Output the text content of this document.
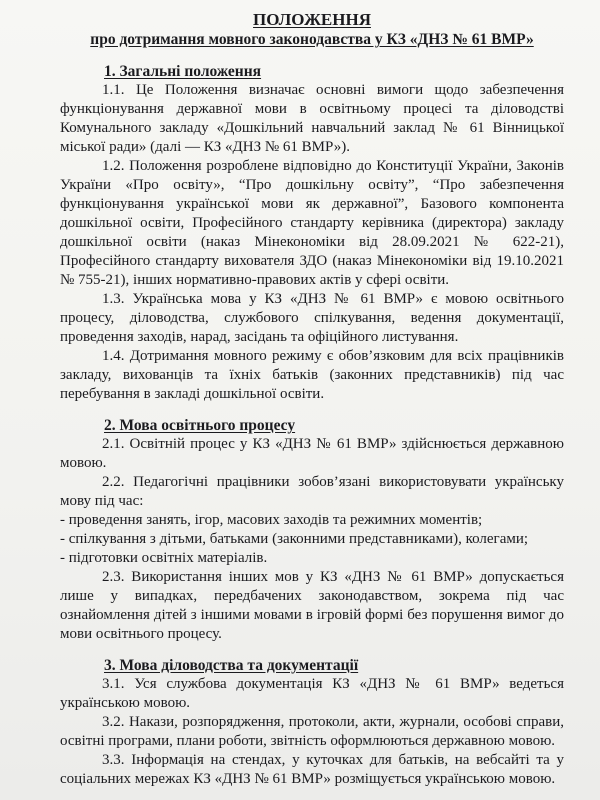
ПОЛОЖЕННЯ
про дотримання мовного законодавства у КЗ «ДНЗ № 61 ВМР»
1. Загальні положення

1.1. Це Положення визначає основні вимоги щодо забезпечення функціонування державної мови в освітньому процесі та діловодстві Комунального закладу «Дошкільний навчальний заклад № 61 Вінницької міської ради» (далі — КЗ «ДНЗ № 61 ВМР»).

1.2. Положення розроблене відповідно до Конституції України, Законів України «Про освіту», “Про дошкільну освіту”, “Про забезпечення функціонування української мови як державної”, Базового компонента дошкільної освіти, Професійного стандарту керівника (директора) закладу дошкільної освіти (наказ Мінекономіки від 28.09.2021 № 622-21), Професійного стандарту вихователя ЗДО (наказ Мінекономіки від 19.10.2021 № 755-21), інших нормативно-правових актів у сфері освіти.

1.3. Українська мова у КЗ «ДНЗ № 61 ВМР» є мовою освітнього процесу, діловодства, службового спілкування, ведення документації, проведення заходів, нарад, засідань та офіційного листування.

1.4. Дотримання мовного режиму є обов’язковим для всіх працівників закладу, вихованців та їхніх батьків (законних представників) під час перебування в закладі дошкільної освіти.

2. Мова освітнього процесу

2.1. Освітній процес у КЗ «ДНЗ № 61 ВМР» здійснюється державною мовою.

2.2. Педагогічні працівники зобов’язані використовувати українську мову під час:

- проведення занять, ігор, масових заходів та режимних моментів;
- спілкування з дітьми, батьками (законними представниками), колегами;
- підготовки освітніх матеріалів.

2.3. Використання інших мов у КЗ «ДНЗ № 61 ВМР» допускається лише у випадках, передбачених законодавством, зокрема під час ознайомлення дітей з іншими мовами в ігровій формі без порушення вимог до мови освітнього процесу.

3. Мова діловодства та документації

3.1. Уся службова документація КЗ «ДНЗ № 61 ВМР» ведеться українською мовою.

3.2. Накази, розпорядження, протоколи, акти, журнали, особові справи, освітні програми, плани роботи, звітність оформлюються державною мовою.

3.3. Інформація на стендах, у куточках для батьків, на вебсайті та у соціальних мережах КЗ «ДНЗ № 61 ВМР» розміщується українською мовою.
